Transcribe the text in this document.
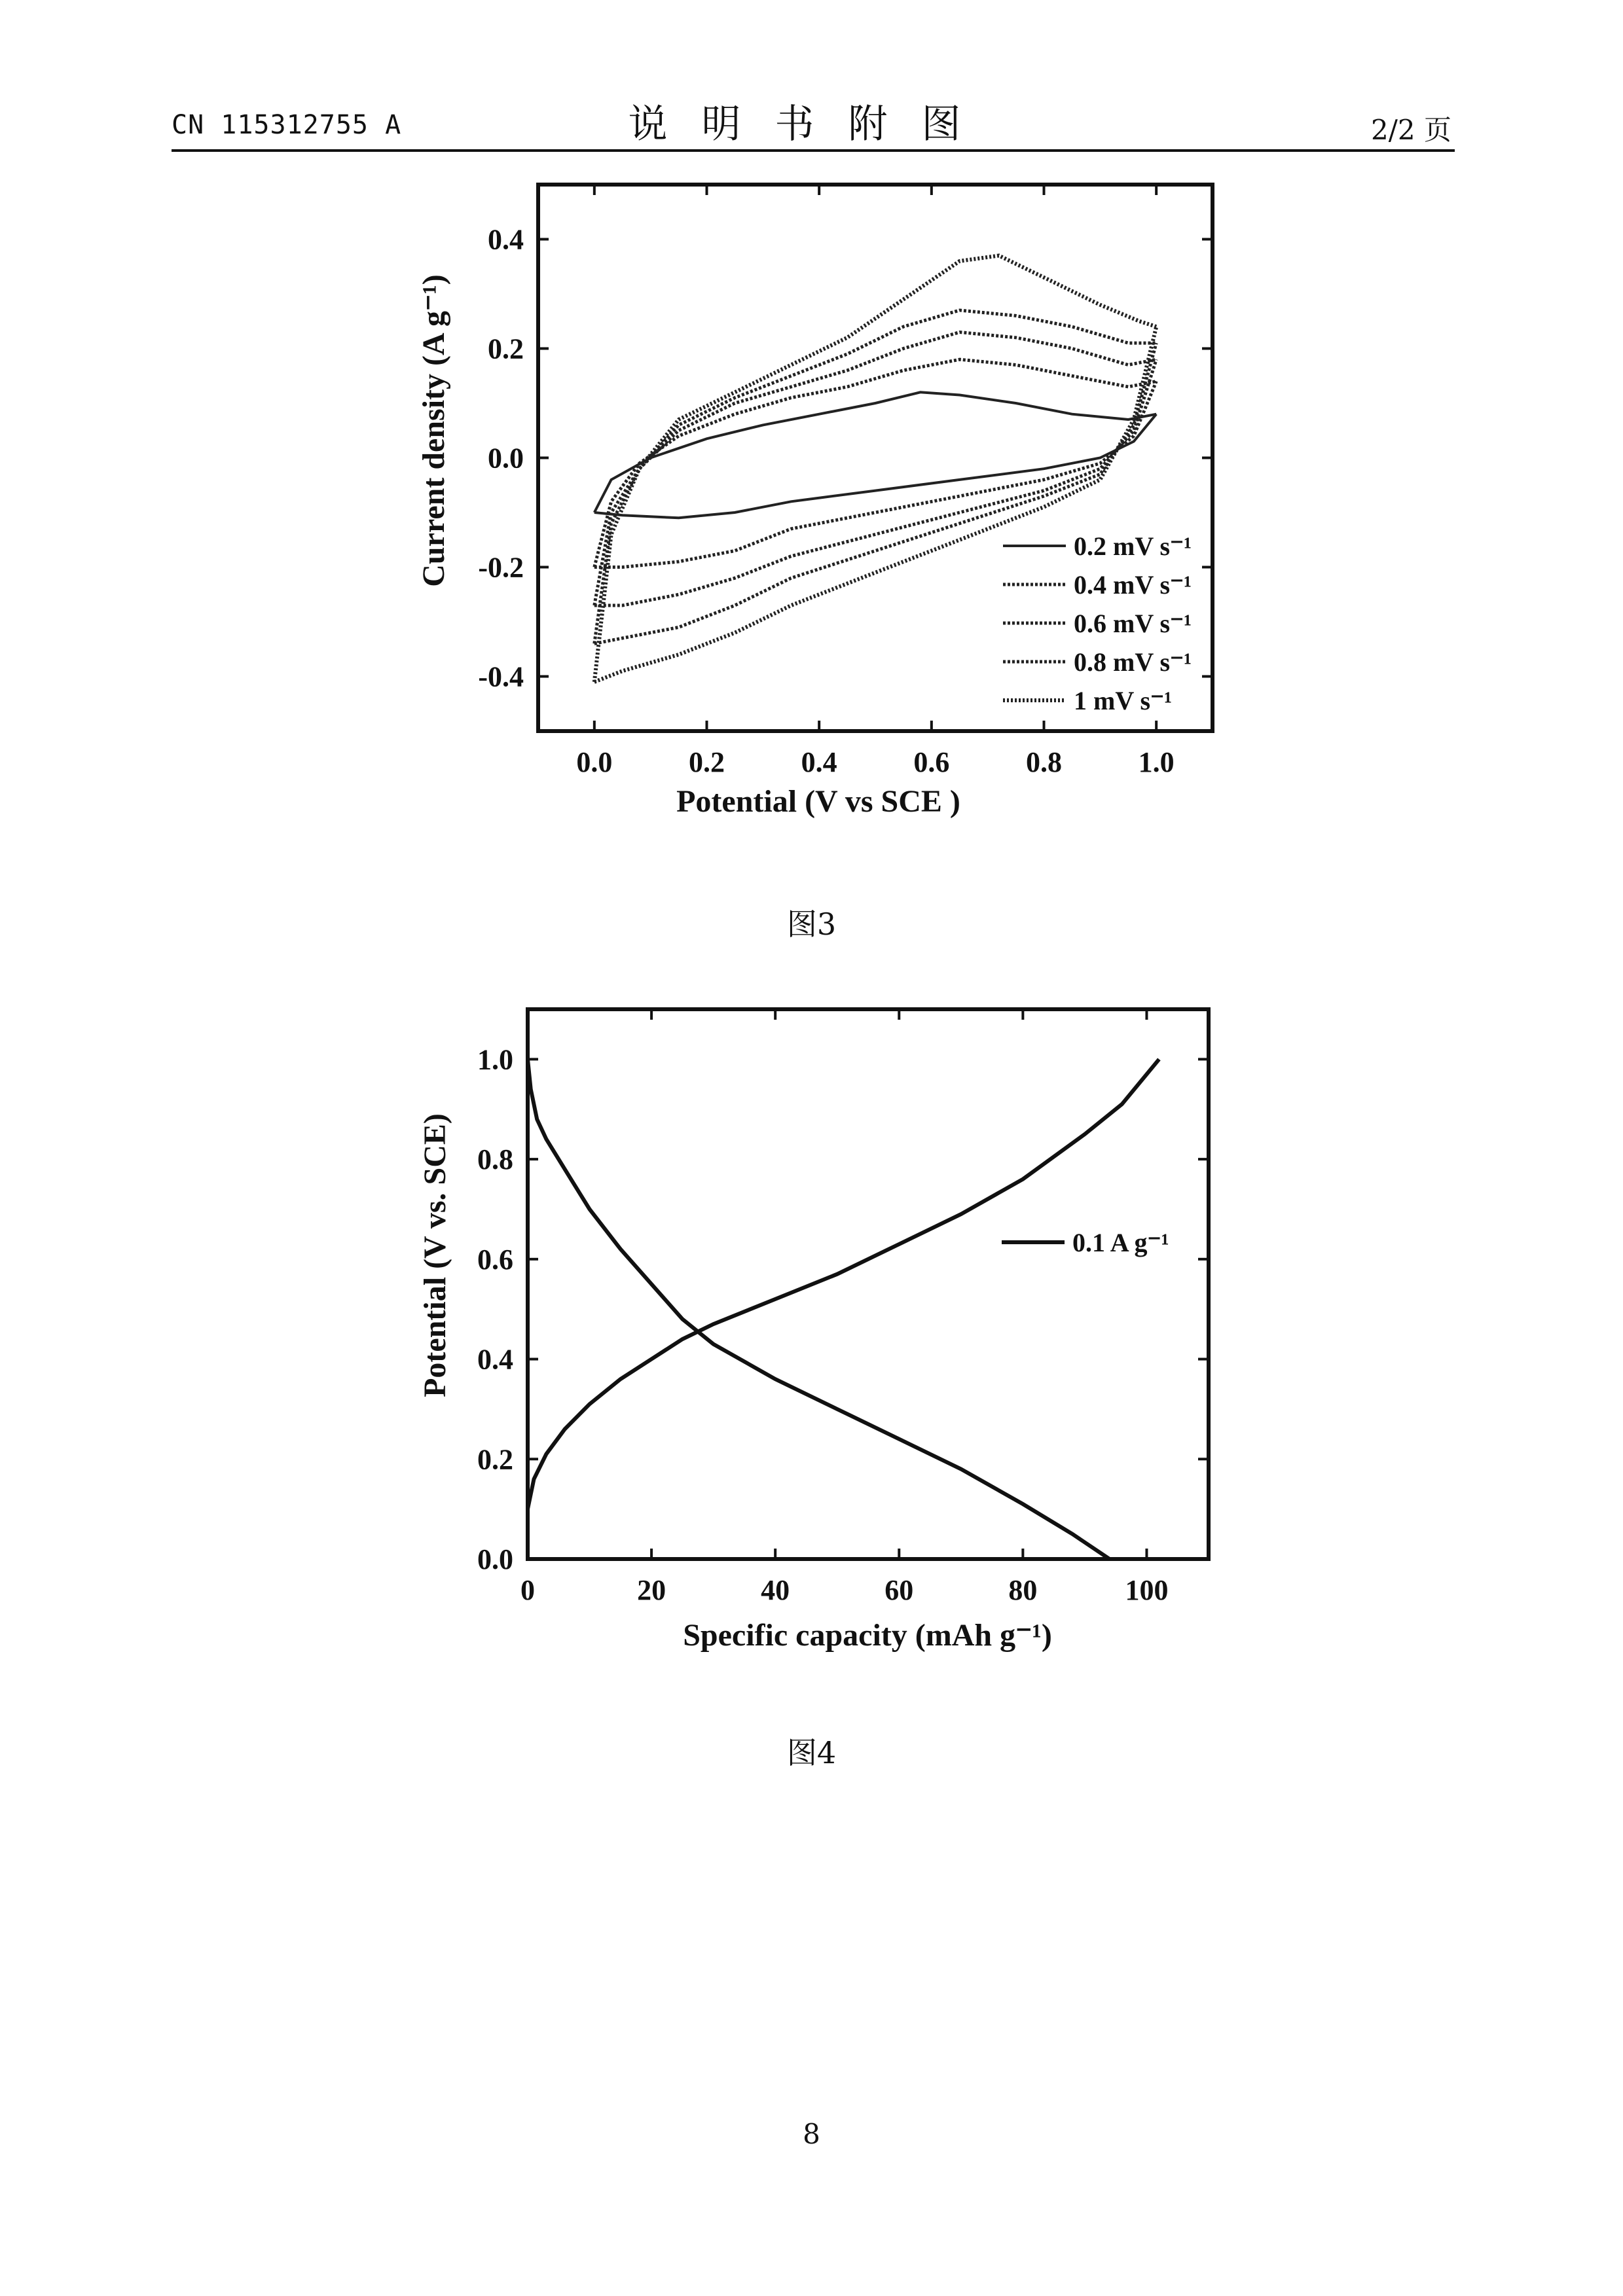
CN 115312755 A	说明书附图	2/2 页
Current density (A g⁻¹)
Potential (V vs SCE )
0.0	0.2	0.4	0.6	0.8	1.0
-0.4
-0.2
0.0
0.2
0.4
0.2 mV s⁻¹
0.4 mV s⁻¹
0.6 mV s⁻¹
0.8 mV s⁻¹
1 mV s⁻¹
图3
Potential (V vs. SCE)
Specific capacity (mAh g⁻¹)
0	20	40	60	80	100
0.0
0.2
0.4
0.6
0.8
1.0
0.1 A g⁻¹
图4
8
